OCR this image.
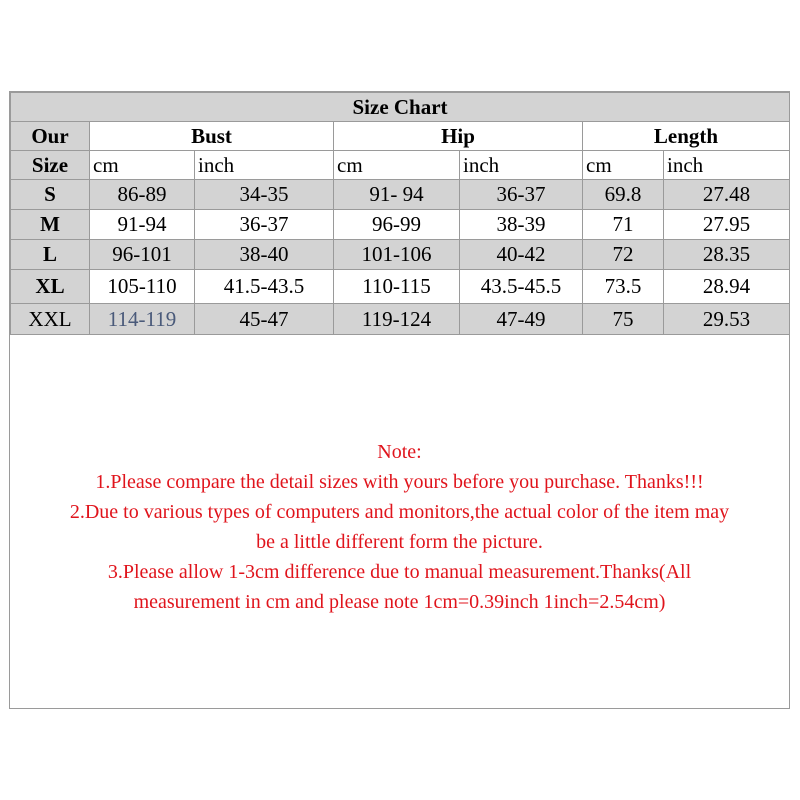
Size Chart						
Our	Bust		Hip		Length	
Size	cm	inch	cm	inch	cm	inch
S	86-89	34-35	91- 94	36-37	69.8	27.48
M	91-94	36-37	96-99	38-39	71	27.95
L	96-101	38-40	101-106	40-42	72	28.35
XL	105-110	41.5-43.5	110-115	43.5-45.5	73.5	28.94
XXL	114-119	45-47	119-124	47-49	75	29.53

Note:

1.Please compare the detail sizes with yours before you purchase. Thanks!!!

2.Due to various types of computers and monitors,the actual color of the item may

be a little different form the picture.

3.Please allow 1-3cm difference due to manual measurement.Thanks(All

measurement in cm and please note 1cm=0.39inch 1inch=2.54cm)
